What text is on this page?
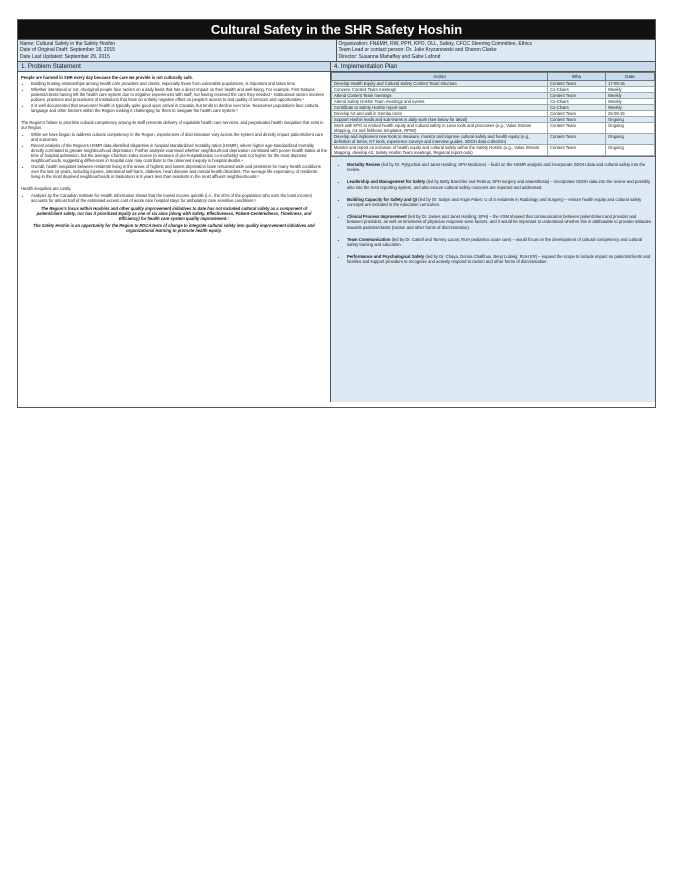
Cultural Safety in the SHR Safety Hoshin
Name: Cultural Safety in the Safety Hoshin
Date of Original Draft: September 18, 2015
Date Last Updated: September 29, 2015
Organization: FN&MH, RW, PPH, KPO, OLL, Safety, CFCC Steering Committee, Ethics
Team Lead or contact person: Dr. Julie Kryzanowski and Sharon Clarke
Director: Susanna Mahaffey and Gabe Lafond
1. Problem Statement

People are harmed in SHR every day because the care we provide is not culturally safe.

• Building trusting relationships among health care providers and clients, especially those from vulnerable populations, is important and takes time.
• Whether intentional or not, Aboriginal people face racism on a daily basis that has a direct impact on their health and well-being. For example, First Nations patients/clients having left the health care system due to negative experiences with staff, not having received the care they needed.¹ Institutional racism involves policies, practices and procedures of institutions that have an unfairly negative effect on people's access to and quality of services and opportunities.²
• It is well documented that newcomer health is typically quite good upon arrival in Canada, but tends to decline over time. Newcomer populations face cultural, language and other barriers within the Region making it challenging for them to navigate the health care system.³

The Region's failure to prioritize cultural competency among its staff prevents delivery of equitable health care services, and perpetuates health inequities that exist in our Region.

• While we have begun to address cultural competency in the Region, experiences of discrimination vary across the system and directly impact patient/client care and outcomes.
• Recent analysis of the Region's HSMR data identified disparities in hospital standardized mortality ratios (HSMR), where higher age-standardized mortality directly correlated to greater neighbourhood deprivation. Further analysis examined whether neighbourhood deprivation correlated with poorer health status at the time of hospital admission, but the average Charlson index scores (a measure of pre-hospitalization co-morbidity) was not higher for the most deprived neighbourhoods, suggesting differences in hospital care may contribute to the observed inequity in hospital deaths.⁴
• Overall, health inequities between residents living in the areas of highest and lowest deprivation have remained wide and persistent for many health conditions over the last 15 years, including injuries, intentional self-harm, diabetes, heart disease and mental health disorders. The average life expectancy of residents living in the most deprived neighbourhoods in Saskatoon is 9 years less than residents in the most affluent neighbourhoods.⁵

Health inequities are costly.

• Analysis by the Canadian Institute for Health Information shows that the lowest income quintile (i.e., the 20% of the population who earn the least income) accounts for almost half of the estimated excess cost of acute care hospital stays for ambulatory care sensitive conditions.⁶

The Region's focus within Hoshins and other quality improvement initiatives to date has not included cultural safety as a component of patient/client safety, nor has it prioritized Equity as one of six aims (along with Safety, Effectiveness, Patient-Centeredness, Timeliness, and Efficiency) for health care system quality improvement.⁷

The Safety Hoshin is an opportunity for the Region to PDCA tests of change to integrate cultural safety into quality improvement initiatives and organizational learning to promote health equity.

4. Implementation Plan
Action	Who	Date
Develop Health Equity and Cultural Safety Content Team structure	Content Team	17-09-15
Convene Content Team meetings	Co-Chairs	Weekly
Attend Content Team meetings	Content Team	Weekly
Attend Safety Hoshin Team meetings and events	Co-Chairs	Weekly
Contribute to Safety Hoshin report-outs	Co-Chairs	Weekly
Develop A3 and wall in Gemba room	Content Team	25-09-15
Support Hoshin leads and sub-teams in daily work (see below for detail)	Content Team	Ongoing
Work with KPO to embed health equity and cultural safety in Lean tools and processes (e.g., Value Stream Mapping, A3 and fishbone templates, RPIW)	Content Team	Ongoing
Develop and implement new tools to measure, monitor and improve cultural safety and health equity (e.g., definition of terms, KT tools, experience surveys and interview guides, SDOH data collection)	Content Team	Ongoing
Monitor and report on inclusion of health equity and cultural safety within the Safety Hoshin (e.g., Value Stream Mapping, develop A3, Safety Hoshin Team meetings, Regional report-outs)	Content Team	Ongoing
• Mortality Review (led by Dr. Pylypchuk and Janet Harding; SPH Medicine) – build on the HSMR analysis and incorporate SDOH data and cultural safety into the review.
• Leadership and Management for Safety (led by Betty Boechler and Petrina; SPH surgery and anaesthesia) – incorporate SDOH data into the review and possibly also into the SAS reporting system, and also ensure cultural safety concerns are reported and addressed.
• Building Capacity for Safety and QI (led by Dr. Sabyn and Angie Palen; U of S residents in Radiology and Surgery) – ensure health equity and cultural safety concepts are included in the education curriculum.
• Clinical Process Improvement (led by Dr. James and Janet Harding; SPH) – the VSM showed that communication between patient/client and provider and between providers, as well as timeliness of physician response were factors, and it would be important to understand whether this is attributable to provider attitudes towards patients/clients (racism and other forms of discrimination).
• Team Communication (led by Dr. Cattell and Tammy Lucas; RUH pediatrics acute care) – would focus on the development of cultural competency and cultural safety training and education.
• Performance and Psychological Safety (led by Dr. Chaya, Donna Challfoux, Beryl Ludwig; RUH ER) – expand the scope to include impact on patients/clients and families and support providers to recognize and actively respond to racism and other forms of discrimination.
